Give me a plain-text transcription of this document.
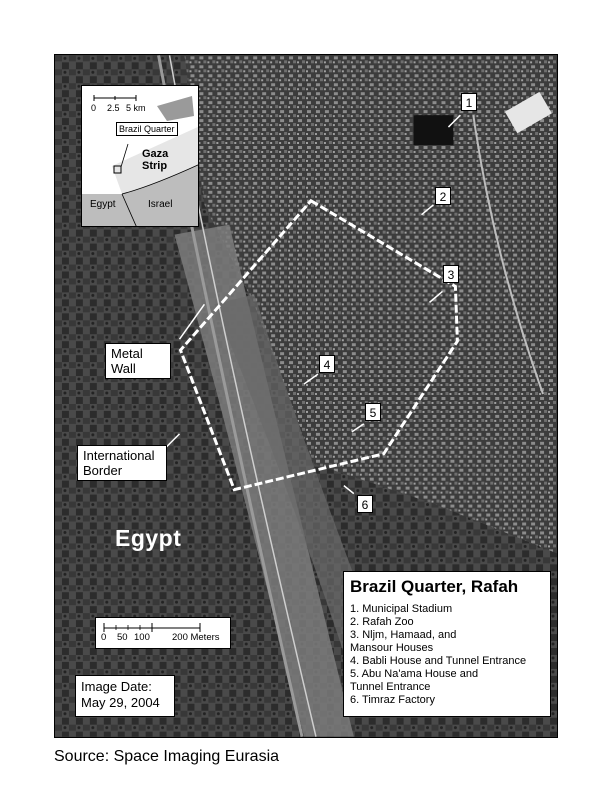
Metal
Wall
International
Border
1
2
3
4
5
6
Egypt
0 2.5 5 km
Brazil Quarter
Gaza
Strip
Egypt	Israel
0 50 100 200 Meters
Image Date:
May 29, 2004
Brazil Quarter, Rafah
1. Municipal Stadium
2. Rafah Zoo
3. Nljm, Hamaad, and
Mansour Houses
4. Babli House and Tunnel Entrance
5. Abu Na'ama House and
Tunnel Entrance
6. Timraz Factory
Source: Space Imaging Eurasia
